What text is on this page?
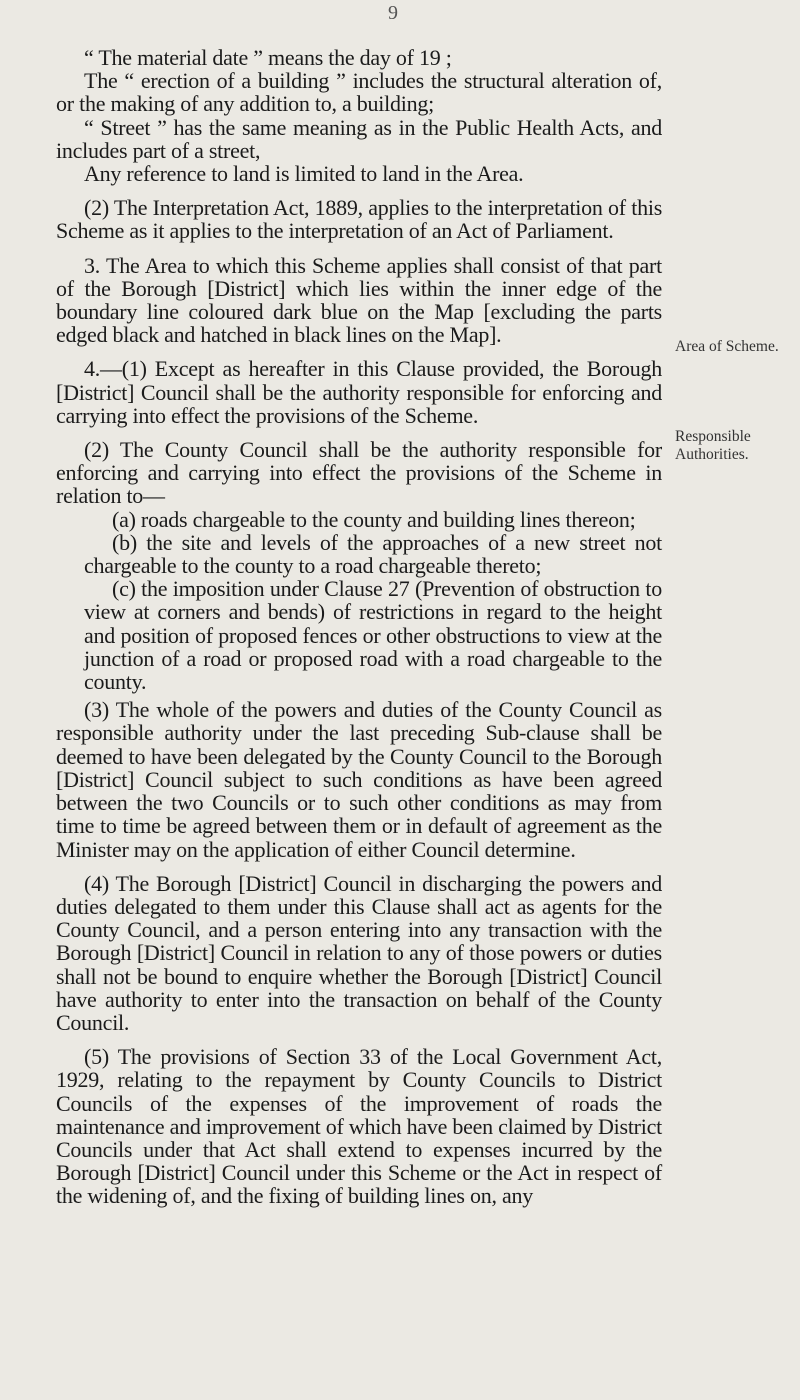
9

“ The material date ” means the day of 19 ;

The “ erection of a building ” includes the structural alteration of, or the making of any addition to, a building;

“ Street ” has the same meaning as in the Public Health Acts, and includes part of a street,

Any reference to land is limited to land in the Area.

(2) The Interpretation Act, 1889, applies to the interpretation of this Scheme as it applies to the interpretation of an Act of Parliament.

3. The Area to which this Scheme applies shall consist of that part of the Borough [District] which lies within the inner edge of the boundary line coloured dark blue on the Map [excluding the parts edged black and hatched in black lines on the Map].

4.—(1) Except as hereafter in this Clause provided, the Borough [District] Council shall be the authority responsible for enforcing and carrying into effect the provisions of the Scheme.

(2) The County Council shall be the authority responsible for enforcing and carrying into effect the provisions of the Scheme in relation to—

(a) roads chargeable to the county and building lines thereon;

(b) the site and levels of the approaches of a new street not chargeable to the county to a road chargeable thereto;

(c) the imposition under Clause 27 (Prevention of obstruction to view at corners and bends) of restrictions in regard to the height and position of proposed fences or other obstructions to view at the junction of a road or proposed road with a road chargeable to the county.

(3) The whole of the powers and duties of the County Council as responsible authority under the last preceding Sub-clause shall be deemed to have been delegated by the County Council to the Borough [District] Council subject to such conditions as have been agreed between the two Councils or to such other conditions as may from time to time be agreed between them or in default of agreement as the Minister may on the application of either Council determine.

(4) The Borough [District] Council in discharging the powers and duties delegated to them under this Clause shall act as agents for the County Council, and a person entering into any transaction with the Borough [District] Council in relation to any of those powers or duties shall not be bound to enquire whether the Borough [District] Council have authority to enter into the transaction on behalf of the County Council.

(5) The provisions of Section 33 of the Local Government Act, 1929, relating to the repayment by County Councils to District Councils of the expenses of the improvement of roads the maintenance and improvement of which have been claimed by District Councils under that Act shall extend to expenses incurred by the Borough [District] Council under this Scheme or the Act in respect of the widening of, and the fixing of building lines on, any

Area of Scheme.
Responsible Authorities.
